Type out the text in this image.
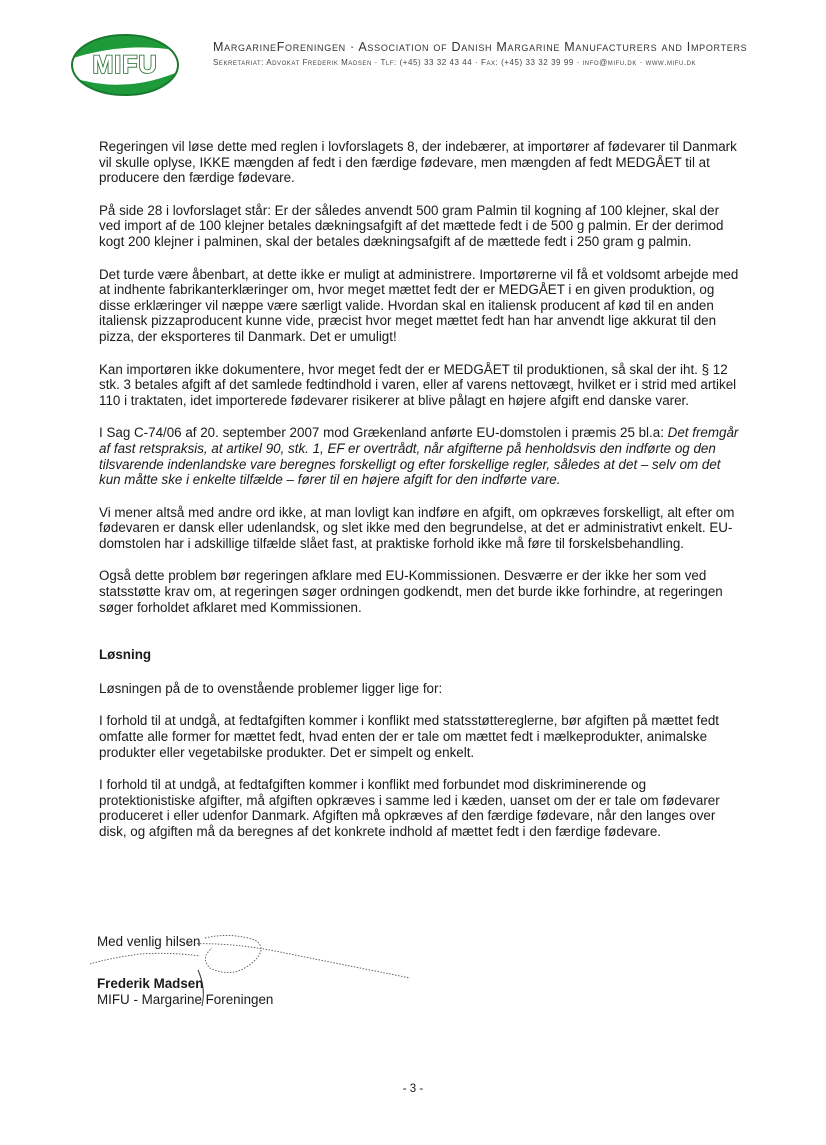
MIFU
MargarineForeningen · Association of Danish Margarine Manufacturers and Importers
Sekretariat: Advokat Frederik Madsen · Tlf: (+45) 33 32 43 44 · Fax: (+45) 33 32 39 99 · info@mifu.dk · www.mifu.dk

Regeringen vil løse dette med reglen i lovforslagets 8, der indebærer, at importører af fødevarer til Danmark vil skulle oplyse, IKKE mængden af fedt i den færdige fødevare, men mængden af fedt MEDGÅET til at producere den færdige fødevare.

På side 28 i lovforslaget står: Er der således anvendt 500 gram Palmin til kogning af 100 klejner, skal der ved import af de 100 klejner betales dækningsafgift af det mættede fedt i de 500 g palmin. Er der derimod kogt 200 klejner i palminen, skal der betales dækningsafgift af de mættede fedt i 250 gram g palmin.

Det turde være åbenbart, at dette ikke er muligt at administrere. Importørerne vil få et voldsomt arbejde med at indhente fabrikanterklæringer om, hvor meget mættet fedt der er MEDGÅET i en given produktion, og disse erklæringer vil næppe være særligt valide. Hvordan skal en italiensk producent af kød til en anden italiensk pizzaproducent kunne vide, præcist hvor meget mættet fedt han har anvendt lige akkurat til den pizza, der eksporteres til Danmark. Det er umuligt!

Kan importøren ikke dokumentere, hvor meget fedt der er MEDGÅET til produktionen, så skal der iht. § 12 stk. 3 betales afgift af det samlede fedtindhold i varen, eller af varens nettovægt, hvilket er i strid med artikel 110 i traktaten, idet importerede fødevarer risikerer at blive pålagt en højere afgift end danske varer.

I Sag C-74/06 af 20. september 2007 mod Grækenland anførte EU-domstolen i præmis 25 bl.a: Det fremgår af fast retspraksis, at artikel 90, stk. 1, EF er overtrådt, når afgifterne på henholdsvis den indførte og den tilsvarende indenlandske vare beregnes forskelligt og efter forskellige regler, således at det – selv om det kun måtte ske i enkelte tilfælde – fører til en højere afgift for den indførte vare.

Vi mener altså med andre ord ikke, at man lovligt kan indføre en afgift, om opkræves forskelligt, alt efter om fødevaren er dansk eller udenlandsk, og slet ikke med den begrundelse, at det er administrativt enkelt. EU-domstolen har i adskillige tilfælde slået fast, at praktiske forhold ikke må føre til forskelsbehandling.

Også dette problem bør regeringen afklare med EU-Kommissionen. Desværre er der ikke her som ved statsstøtte krav om, at regeringen søger ordningen godkendt, men det burde ikke forhindre, at regeringen søger forholdet afklaret med Kommissionen.

Løsning

Løsningen på de to ovenstående problemer ligger lige for:

I forhold til at undgå, at fedtafgiften kommer i konflikt med statsstøttereglerne, bør afgiften på mættet fedt omfatte alle former for mættet fedt, hvad enten der er tale om mættet fedt i mælkeprodukter, animalske produkter eller vegetabilske produkter. Det er simpelt og enkelt.

I forhold til at undgå, at fedtafgiften kommer i konflikt med forbundet mod diskriminerende og protektionistiske afgifter, må afgiften opkræves i samme led i kæden, uanset om der er tale om fødevarer produceret i eller udenfor Danmark. Afgiften må opkræves af den færdige fødevare, når den langes over disk, og afgiften må da beregnes af det konkrete indhold af mættet fedt i den færdige fødevare.

Med venlig hilsen
Frederik Madsen
MIFU - Margarine Foreningen
- 3 -
